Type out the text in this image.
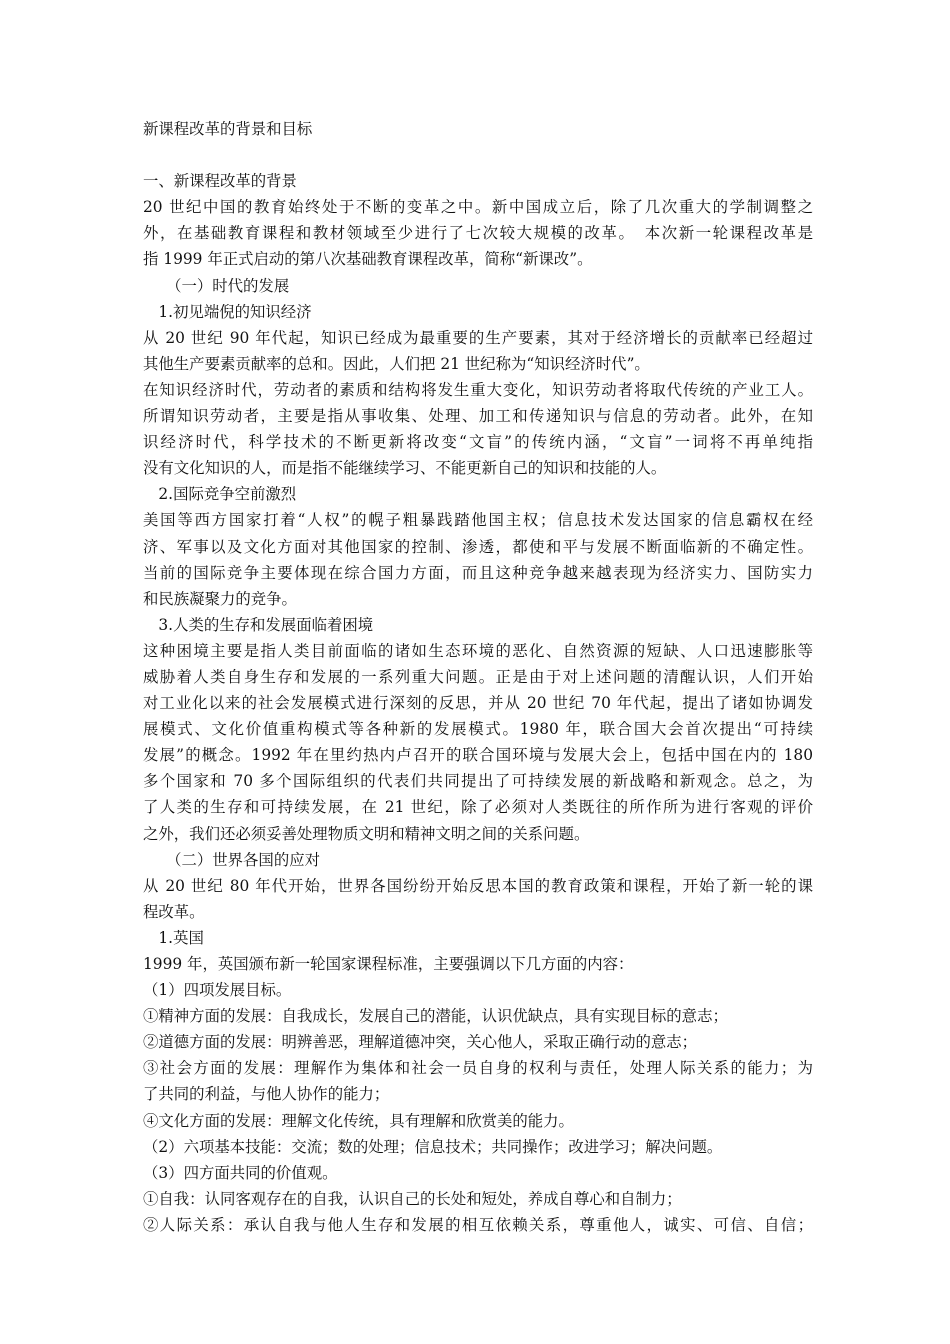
新课程改革的背景和目标
一、新课程改革的背景
20 世纪中国的教育始终处于不断的变革之中。新中国成立后，除了几次重大的学制调整之
外，在基础教育课程和教材领域至少进行了七次较大规模的改革。　本次新一轮课程改革是
指 1999 年正式启动的第八次基础教育课程改革，简称“新课改”。
　　（一）时代的发展
　1.初见端倪的知识经济
从 20 世纪 90 年代起，知识已经成为最重要的生产要素，其对于经济增长的贡献率已经超过
其他生产要素贡献率的总和。因此，人们把 21 世纪称为“知识经济时代”。
在知识经济时代，劳动者的素质和结构将发生重大变化，知识劳动者将取代传统的产业工人。
所谓知识劳动者，主要是指从事收集、处理、加工和传递知识与信息的劳动者。此外，在知
识经济时代，科学技术的不断更新将改变“文盲”的传统内涵，“文盲”一词将不再单纯指
没有文化知识的人，而是指不能继续学习、不能更新自己的知识和技能的人。
　2.国际竞争空前激烈
美国等西方国家打着“人权”的幌子粗暴践踏他国主权；信息技术发达国家的信息霸权在经
济、军事以及文化方面对其他国家的控制、渗透，都使和平与发展不断面临新的不确定性。
当前的国际竞争主要体现在综合国力方面，而且这种竞争越来越表现为经济实力、国防实力
和民族凝聚力的竞争。
　3.人类的生存和发展面临着困境
这种困境主要是指人类目前面临的诸如生态环境的恶化、自然资源的短缺、人口迅速膨胀等
威胁着人类自身生存和发展的一系列重大问题。正是由于对上述问题的清醒认识，人们开始
对工业化以来的社会发展模式进行深刻的反思，并从 20 世纪 70 年代起，提出了诸如协调发
展模式、文化价值重构模式等各种新的发展模式。1980 年，联合国大会首次提出“可持续
发展”的概念。1992 年在里约热内卢召开的联合国环境与发展大会上，包括中国在内的 180
多个国家和 70 多个国际组织的代表们共同提出了可持续发展的新战略和新观念。总之，为
了人类的生存和可持续发展，在 21 世纪，除了必须对人类既往的所作所为进行客观的评价
之外，我们还必须妥善处理物质文明和精神文明之间的关系问题。
　　（二）世界各国的应对
从 20 世纪 80 年代开始，世界各国纷纷开始反思本国的教育政策和课程，开始了新一轮的课
程改革。
　1.英国
1999 年，英国颁布新一轮国家课程标准，主要强调以下几方面的内容：
（1）四项发展目标。
①精神方面的发展：自我成长，发展自己的潜能，认识优缺点，具有实现目标的意志；
②道德方面的发展：明辨善恶，理解道德冲突，关心他人，采取正确行动的意志；
③社会方面的发展：理解作为集体和社会一员自身的权利与责任，处理人际关系的能力；为
了共同的利益，与他人协作的能力；
④文化方面的发展：理解文化传统，具有理解和欣赏美的能力。
（2）六项基本技能：交流；数的处理；信息技术；共同操作；改进学习；解决问题。
（3）四方面共同的价值观。
①自我：认同客观存在的自我，认识自己的长处和短处，养成自尊心和自制力；
②人际关系：承认自我与他人生存和发展的相互依赖关系，尊重他人，诚实、可信、自信；
